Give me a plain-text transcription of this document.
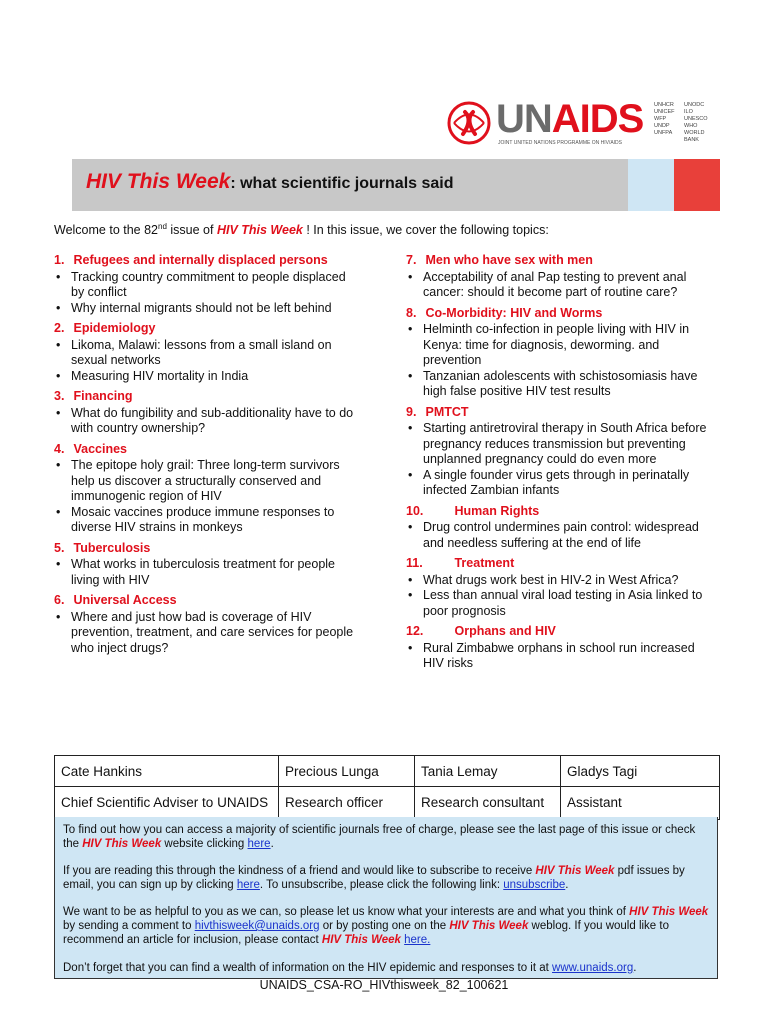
UNAIDS
JOINT UNITED NATIONS PROGRAMME ON HIV/AIDS
UNHCR
UNICEF
WFP
UNDP
UNFPA
UNODC
ILO
UNESCO
WHO
WORLD BANK
HIV This Week: what scientific journals said
Welcome to the 82nd issue of HIV This Week ! In this issue, we cover the following topics:
1. Refugees and internally displaced persons
• Tracking country commitment to people displaced by conflict
• Why internal migrants should not be left behind
2. Epidemiology
• Likoma, Malawi: lessons from a small island on sexual networks
• Measuring HIV mortality in India
3. Financing
• What do fungibility and sub-additionality have to do with country ownership?
4. Vaccines
• The epitope holy grail: Three long-term survivors help us discover a structurally conserved and immunogenic region of HIV
• Mosaic vaccines produce immune responses to diverse HIV strains in monkeys
5. Tuberculosis
• What works in tuberculosis treatment for people living with HIV
6. Universal Access
• Where and just how bad is coverage of HIV prevention, treatment, and care services for people who inject drugs?
7. Men who have sex with men
• Acceptability of anal Pap testing to prevent anal cancer: should it become part of routine care?
8. Co-Morbidity: HIV and Worms
• Helminth co-infection in people living with HIV in Kenya: time for diagnosis, deworming. and prevention
• Tanzanian adolescents with schistosomiasis have high false positive HIV test results
9. PMTCT
• Starting antiretroviral therapy in South Africa before pregnancy reduces transmission but preventing unplanned pregnancy could do even more
• A single founder virus gets through in perinatally infected Zambian infants
10. Human Rights
• Drug control undermines pain control: widespread and needless suffering at the end of life
11.	Treatment
• What drugs work best in HIV-2 in West Africa?
• Less than annual viral load testing in Asia linked to poor prognosis
12. Orphans and HIV
• Rural Zimbabwe orphans in school run increased HIV risks
Cate Hankins	Precious Lunga	Tania Lemay	Gladys Tagi
Chief Scientific Adviser to UNAIDS	Research officer	Research consultant	Assistant

To find out how you can access a majority of scientific journals free of charge, please see the last page of this issue or check the HIV This Week website clicking here.

If you are reading this through the kindness of a friend and would like to subscribe to receive HIV This Week pdf issues by email, you can sign up by clicking here. To unsubscribe, please click the following link: unsubscribe.

We want to be as helpful to you as we can, so please let us know what your interests are and what you think of HIV This Week by sending a comment to hivthisweek@unaids.org or by posting one on the HIV This Week weblog. If you would like to recommend an article for inclusion, please contact HIV This Week here.

Don’t forget that you can find a wealth of information on the HIV epidemic and responses to it at www.unaids.org.

UNAIDS_CSA-RO_HIVthisweek_82_100621
